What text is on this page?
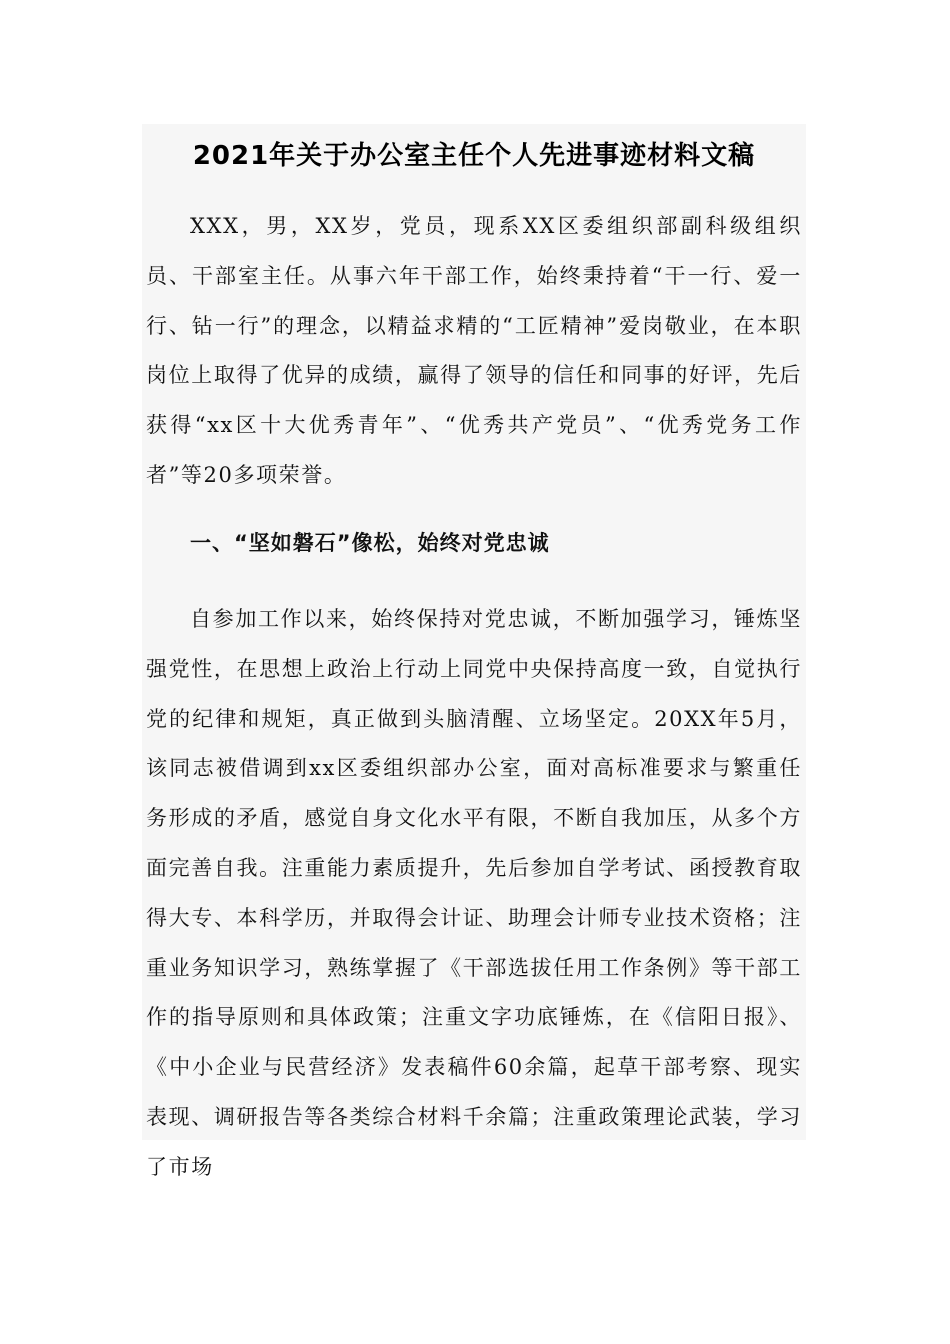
2021年关于办公室主任个人先进事迹材料文稿

XXX，男，XX岁，党员，现系XX区委组织部副科级组织员、干部室主任。从事六年干部工作，始终秉持着“干一行、爱一行、钻一行”的理念，以精益求精的“工匠精神”爱岗敬业，在本职岗位上取得了优异的成绩，赢得了领导的信任和同事的好评，先后获得“xx区十大优秀青年”、“优秀共产党员”、“优秀党务工作者”等20多项荣誉。

一、“坚如磐石”像松，始终对党忠诚

自参加工作以来，始终保持对党忠诚，不断加强学习，锤炼坚强党性，在思想上政治上行动上同党中央保持高度一致，自觉执行党的纪律和规矩，真正做到头脑清醒、立场坚定。20XX年5月，该同志被借调到xx区委组织部办公室，面对高标准要求与繁重任务形成的矛盾，感觉自身文化水平有限，不断自我加压，从多个方面完善自我。注重能力素质提升，先后参加自学考试、函授教育取得大专、本科学历，并取得会计证、助理会计师专业技术资格；注重业务知识学习，熟练掌握了《干部选拔任用工作条例》等干部工作的指导原则和具体政策；注重文字功底锤炼，在《信阳日报》、《中小企业与民营经济》发表稿件60余篇，起草干部考察、现实表现、调研报告等各类综合材料千余篇；注重政策理论武装，学习了市场
